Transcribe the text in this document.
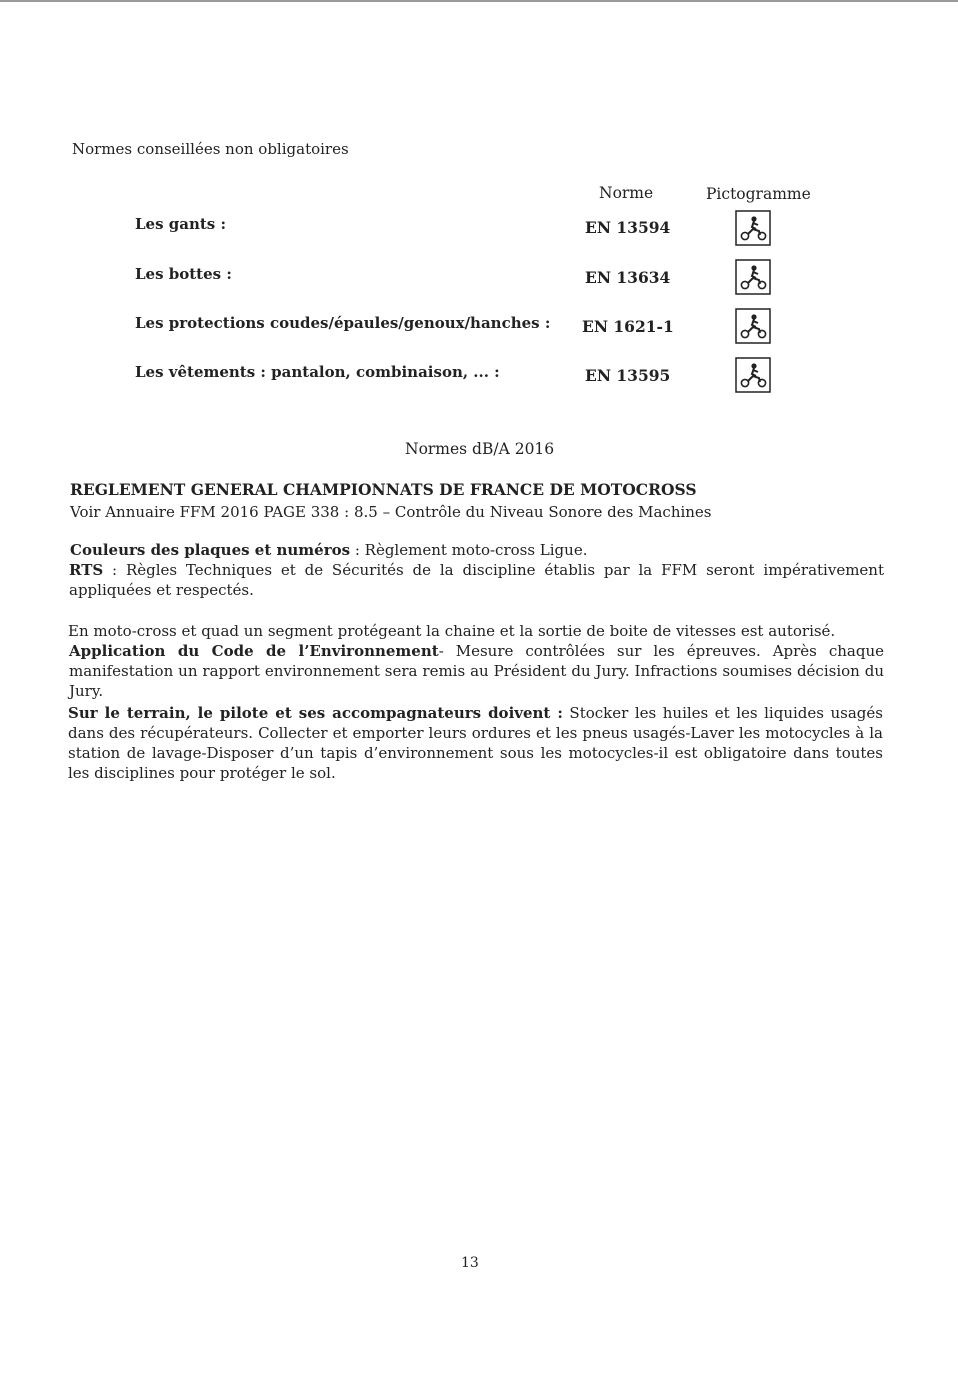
Normes conseillées non obligatoires
Norme	Pictogramme
Les gants :	EN 13594
Les bottes :	EN 13634
Les protections coudes/épaules/genoux/hanches : EN 1621-1
Les vêtements : pantalon, combinaison, ... :	EN 13595
Normes dB/A 2016
REGLEMENT GENERAL CHAMPIONNATS DE FRANCE DE MOTOCROSS
Voir Annuaire FFM 2016 PAGE 338 : 8.5 – Contrôle du Niveau Sonore des Machines
Couleurs des plaques et numéros : Règlement moto-cross Ligue.
RTS : Règles Techniques et de Sécurités de la discipline établis par la FFM seront impérativement appliquées et respectés.
En moto-cross et quad un segment protégeant la chaine et la sortie de boite de vitesses est autorisé.
Application du Code de l’Environnement- Mesure contrôlées sur les épreuves. Après chaque manifestation un rapport environnement sera remis au Président du Jury. Infractions soumises décision du Jury.
Sur le terrain, le pilote et ses accompagnateurs doivent : Stocker les huiles et les liquides usagés dans des récupérateurs. Collecter et emporter leurs ordures et les pneus usagés-Laver les motocycles à la station de lavage-Disposer d’un tapis d’environnement sous les motocycles-il est obligatoire dans toutes les disciplines pour protéger le sol.
13
